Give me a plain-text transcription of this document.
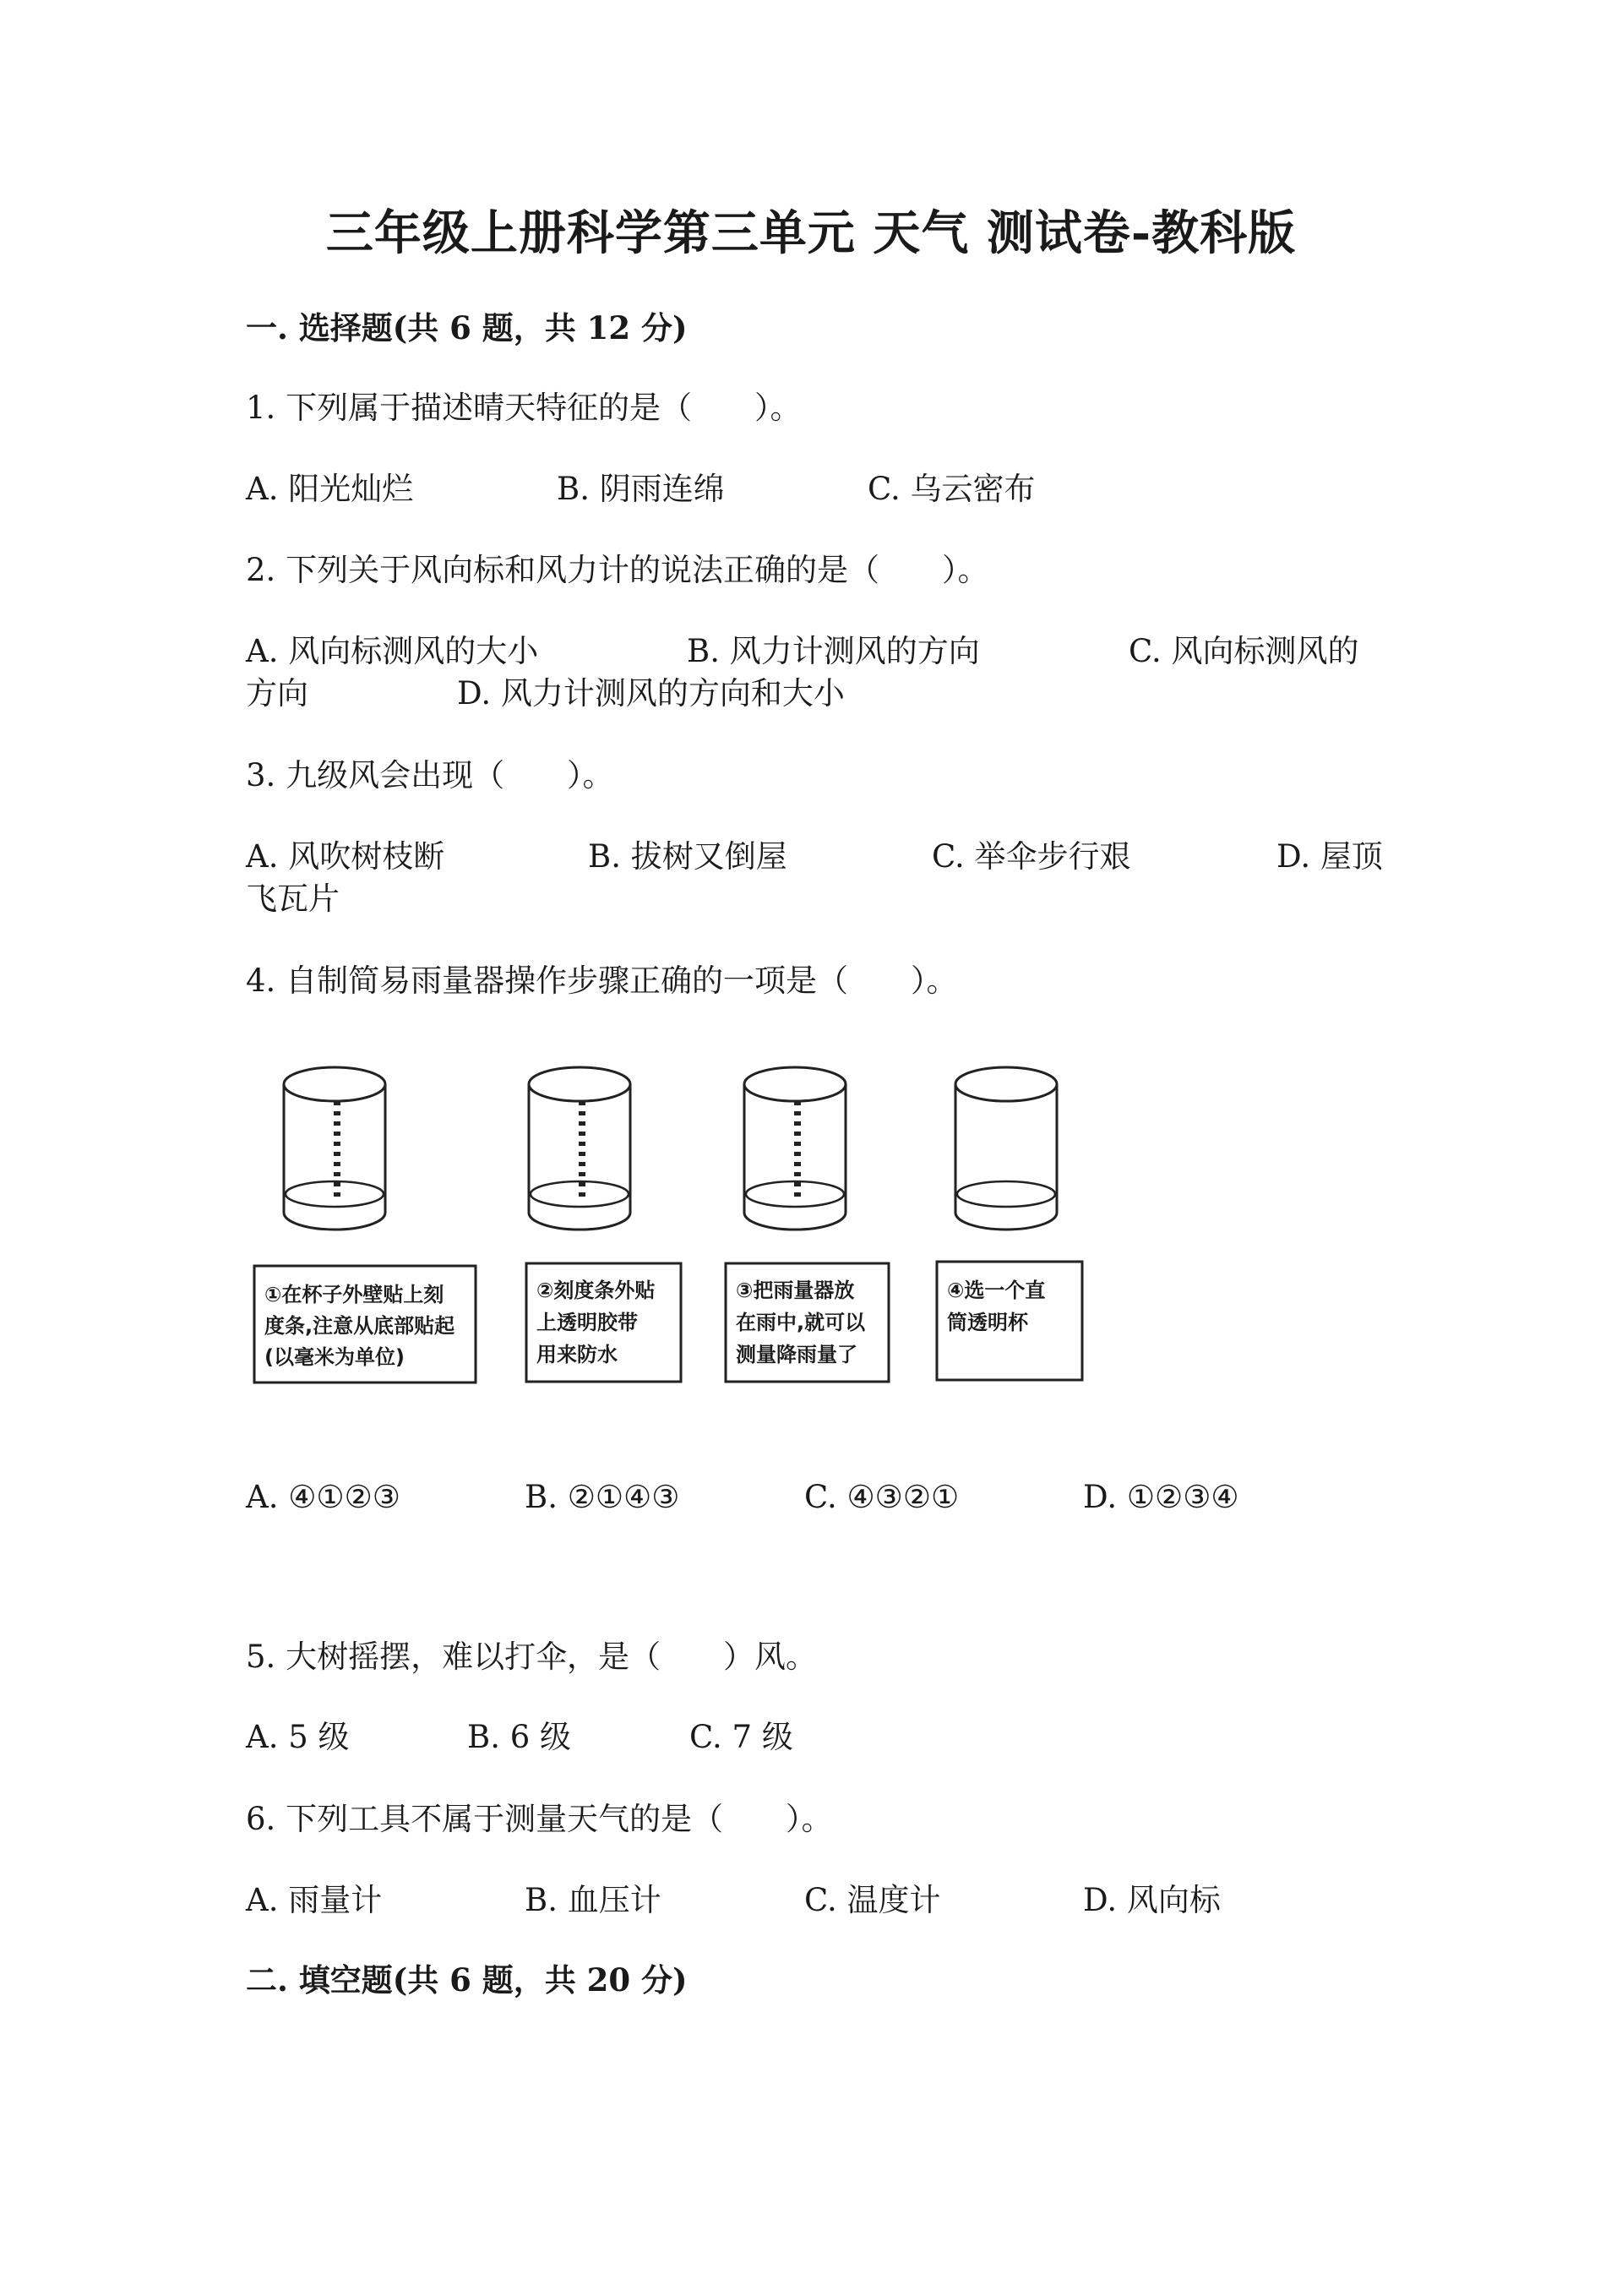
三年级上册科学第三单元 天气 测试卷-教科版
一. 选择题(共 6 题，共 12 分)
1. 下列属于描述晴天特征的是（　　）。
A. 阳光灿烂	B. 阴雨连绵	C. 乌云密布
2. 下列关于风向标和风力计的说法正确的是（　　）。
A. 风向标测风的大小	B. 风力计测风的方向	C. 风向标测风的
方向	D. 风力计测风的方向和大小
3. 九级风会出现（　　）。
A. 风吹树枝断	B. 拔树又倒屋	C. 举伞步行艰	D. 屋顶
飞瓦片
4. 自制简易雨量器操作步骤正确的一项是（　　）。
①在杯子外壁贴上刻
度条,注意从底部贴起
(以毫米为单位)
②刻度条外贴
上透明胶带
用来防水
③把雨量器放
在雨中,就可以
测量降雨量了
④选一个直
筒透明杯
A. ④①②③	B. ②①④③	C. ④③②①	D. ①②③④
5. 大树摇摆，难以打伞，是（　　）风。
A. 5 级	B. 6 级	C. 7 级
6. 下列工具不属于测量天气的是（　　）。
A. 雨量计	B. 血压计	C. 温度计	D. 风向标
二. 填空题(共 6 题，共 20 分)
